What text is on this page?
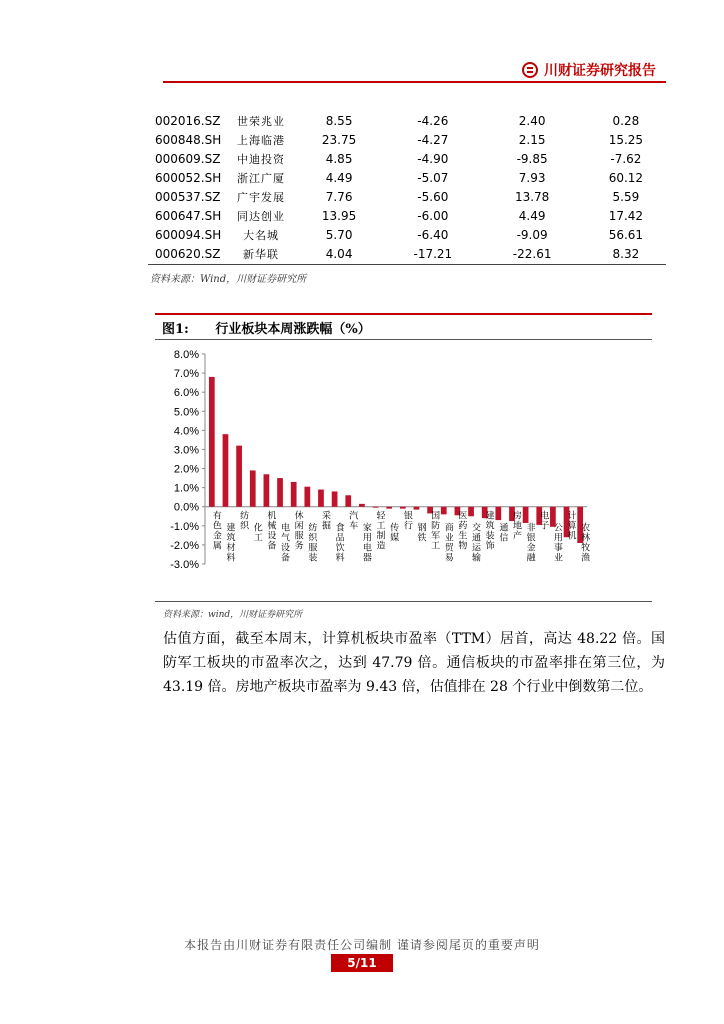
川财证券研究报告
002016.SZ	世荣兆业	8.55	-4.26	2.40	0.28
600848.SH	上海临港	23.75	-4.27	2.15	15.25
000609.SZ	中迪投资	4.85	-4.90	-9.85	-7.62
600052.SH	浙江广厦	4.49	-5.07	7.93	60.12
000537.SZ	广宇发展	7.76	-5.60	13.78	5.59
600647.SH	同达创业	13.95	-6.00	4.49	17.42
600094.SH	大名城	5.70	-6.40	-9.09	56.61
000620.SZ	新华联	4.04	-17.21	-22.61	8.32
资料来源：Wind，川财证券研究所
图1: 行业板块本周涨跌幅（%）
-3.0%
-2.0%
-1.0%
0.0%
1.0%
2.0%
3.0%
4.0%
5.0%
6.0%
7.0%
8.0%
有色金属 建筑材料
纺织
化工 机械设备 电气设备 休闲服务 纺织服装
采掘
食品饮料
汽车
家用电器 轻工制造 传媒
银行
钢铁 国防军工 商业贸易 医药生物 交通运输 建筑装饰 通信 房地产 非银金融
电子
公用事业 计算机 农林牧渔
资料来源：wind，川财证券研究所
估值方面，截至本周末，计算机板块市盈率（TTM）居首，高达 48.22 倍。国防军工板块的市盈率次之，达到 47.79 倍。通信板块的市盈率排在第三位，为 43.19 倍。房地产板块市盈率为 9.43 倍，估值排在 28 个行业中倒数第二位。
本报告由川财证券有限责任公司编制 谨请参阅尾页的重要声明
5/11
